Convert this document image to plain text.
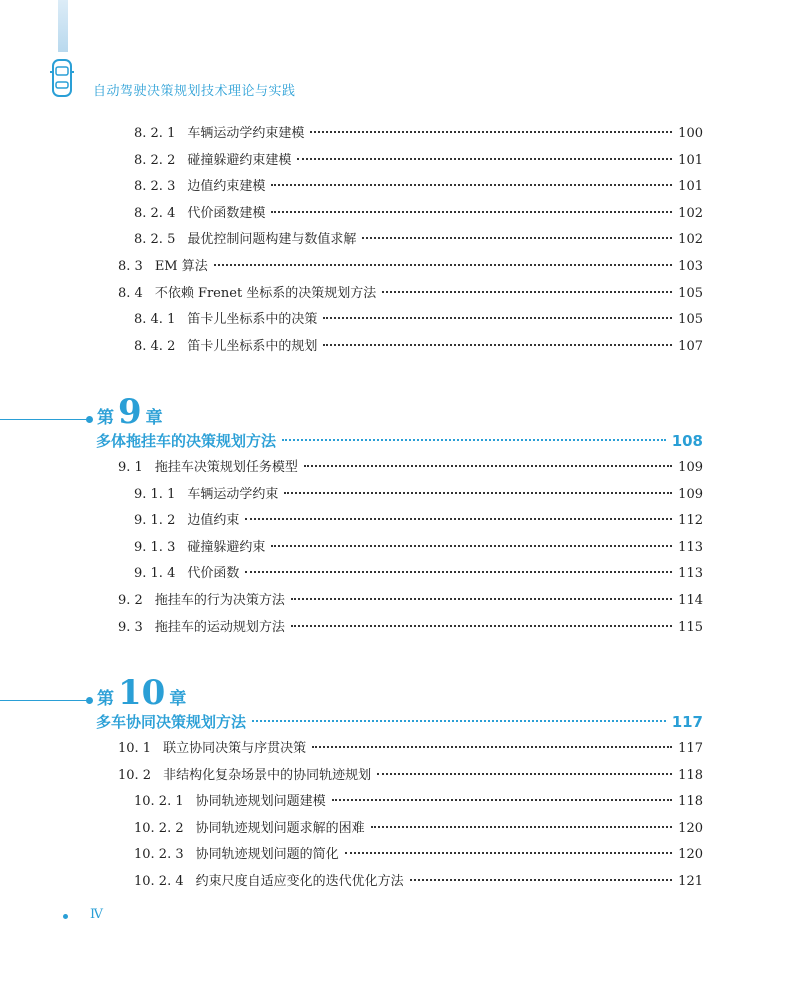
自动驾驶决策规划技术理论与实践
8. 2. 1 车辆运动学约束建模	100
8. 2. 2 碰撞躲避约束建模	101
8. 2. 3 边值约束建模	101
8. 2. 4 代价函数建模	102
8. 2. 5 最优控制问题构建与数值求解	102
8. 3 EM 算法	103
8. 4 不依赖 Frenet 坐标系的决策规划方法	105
8. 4. 1 笛卡儿坐标系中的决策	105
8. 4. 2 笛卡儿坐标系中的规划	107
第 9 章
多体拖挂车的决策规划方法	108
9. 1 拖挂车决策规划任务模型	109
9. 1. 1 车辆运动学约束	109
9. 1. 2 边值约束	112
9. 1. 3 碰撞躲避约束	113
9. 1. 4 代价函数	113
9. 2 拖挂车的行为决策方法	114
9. 3 拖挂车的运动规划方法	115
第 10 章
多车协同决策规划方法	117
10. 1 联立协同决策与序贯决策	117
10. 2 非结构化复杂场景中的协同轨迹规划	118
10. 2. 1 协同轨迹规划问题建模	118
10. 2. 2 协同轨迹规划问题求解的困难	120
10. 2. 3 协同轨迹规划问题的简化	120
10. 2. 4 约束尺度自适应变化的迭代优化方法	121
Ⅳ
